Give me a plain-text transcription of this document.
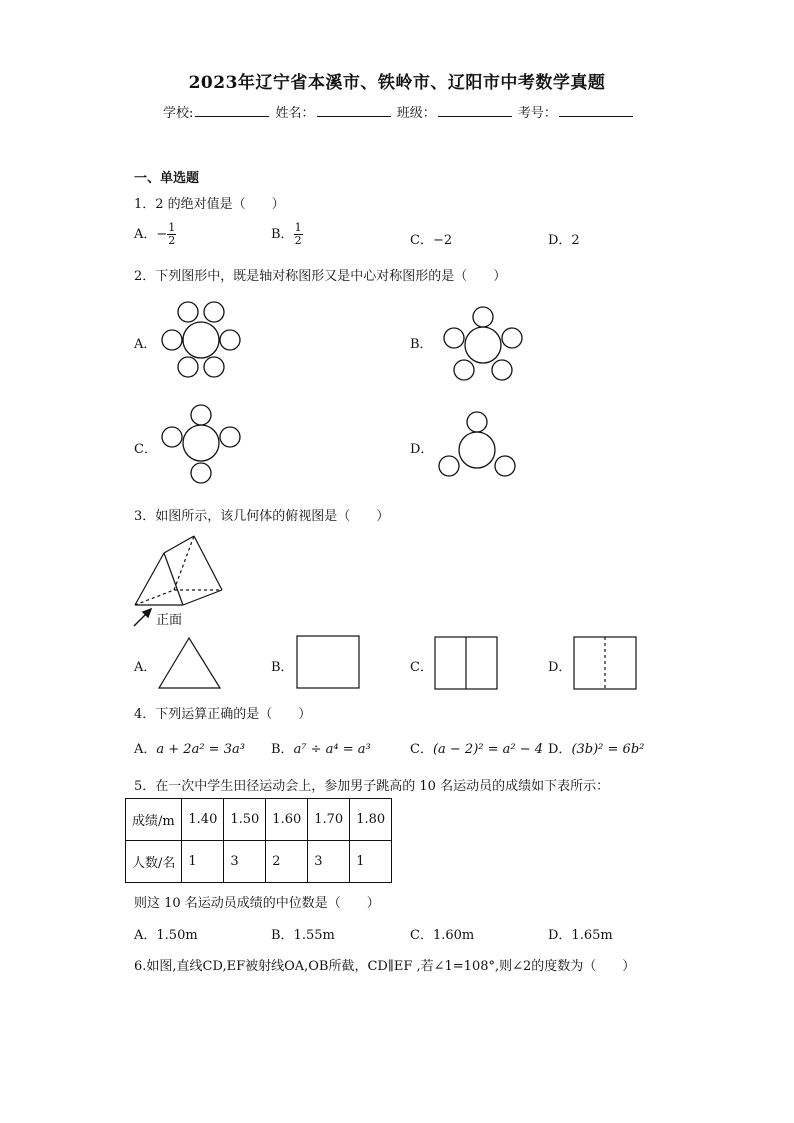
2023年辽宁省本溪市、铁岭市、辽阳市中考数学真题
学校:	姓名：	班级：	考号：
一、单选题
1．2 的绝对值是（　　）
A．− $\frac{1}{2}$	B． $\frac{1}{2}$	C．−2	D．2
2．下列图形中，既是轴对称图形又是中心对称图形的是（　　）
A．	B．
C．	D．
3．如图所示，该几何体的俯视图是（　　）
正面
A．	B．	C．	D．
4．下列运算正确的是（　　）
A．a + 2a² = 3a³ B．a⁷ ÷ a⁴ = a³	C．(a − 2)² = a² − 4 D．(3b)² = 6b²
5．在一次中学生田径运动会上，参加男子跳高的 10 名运动员的成绩如下表所示：
成绩/m	1.40	1.50	1.60	1.70	1.80
人数/名	1	3	2	3	1
则这 10 名运动员成绩的中位数是（　　）
A．1.50m	B．1.55m	C．1.60m	D．1.65m
6.如图,直线CD,EF被射线OA,OB所截，CD∥EF ,若∠1=108°,则∠2的度数为（　　）
